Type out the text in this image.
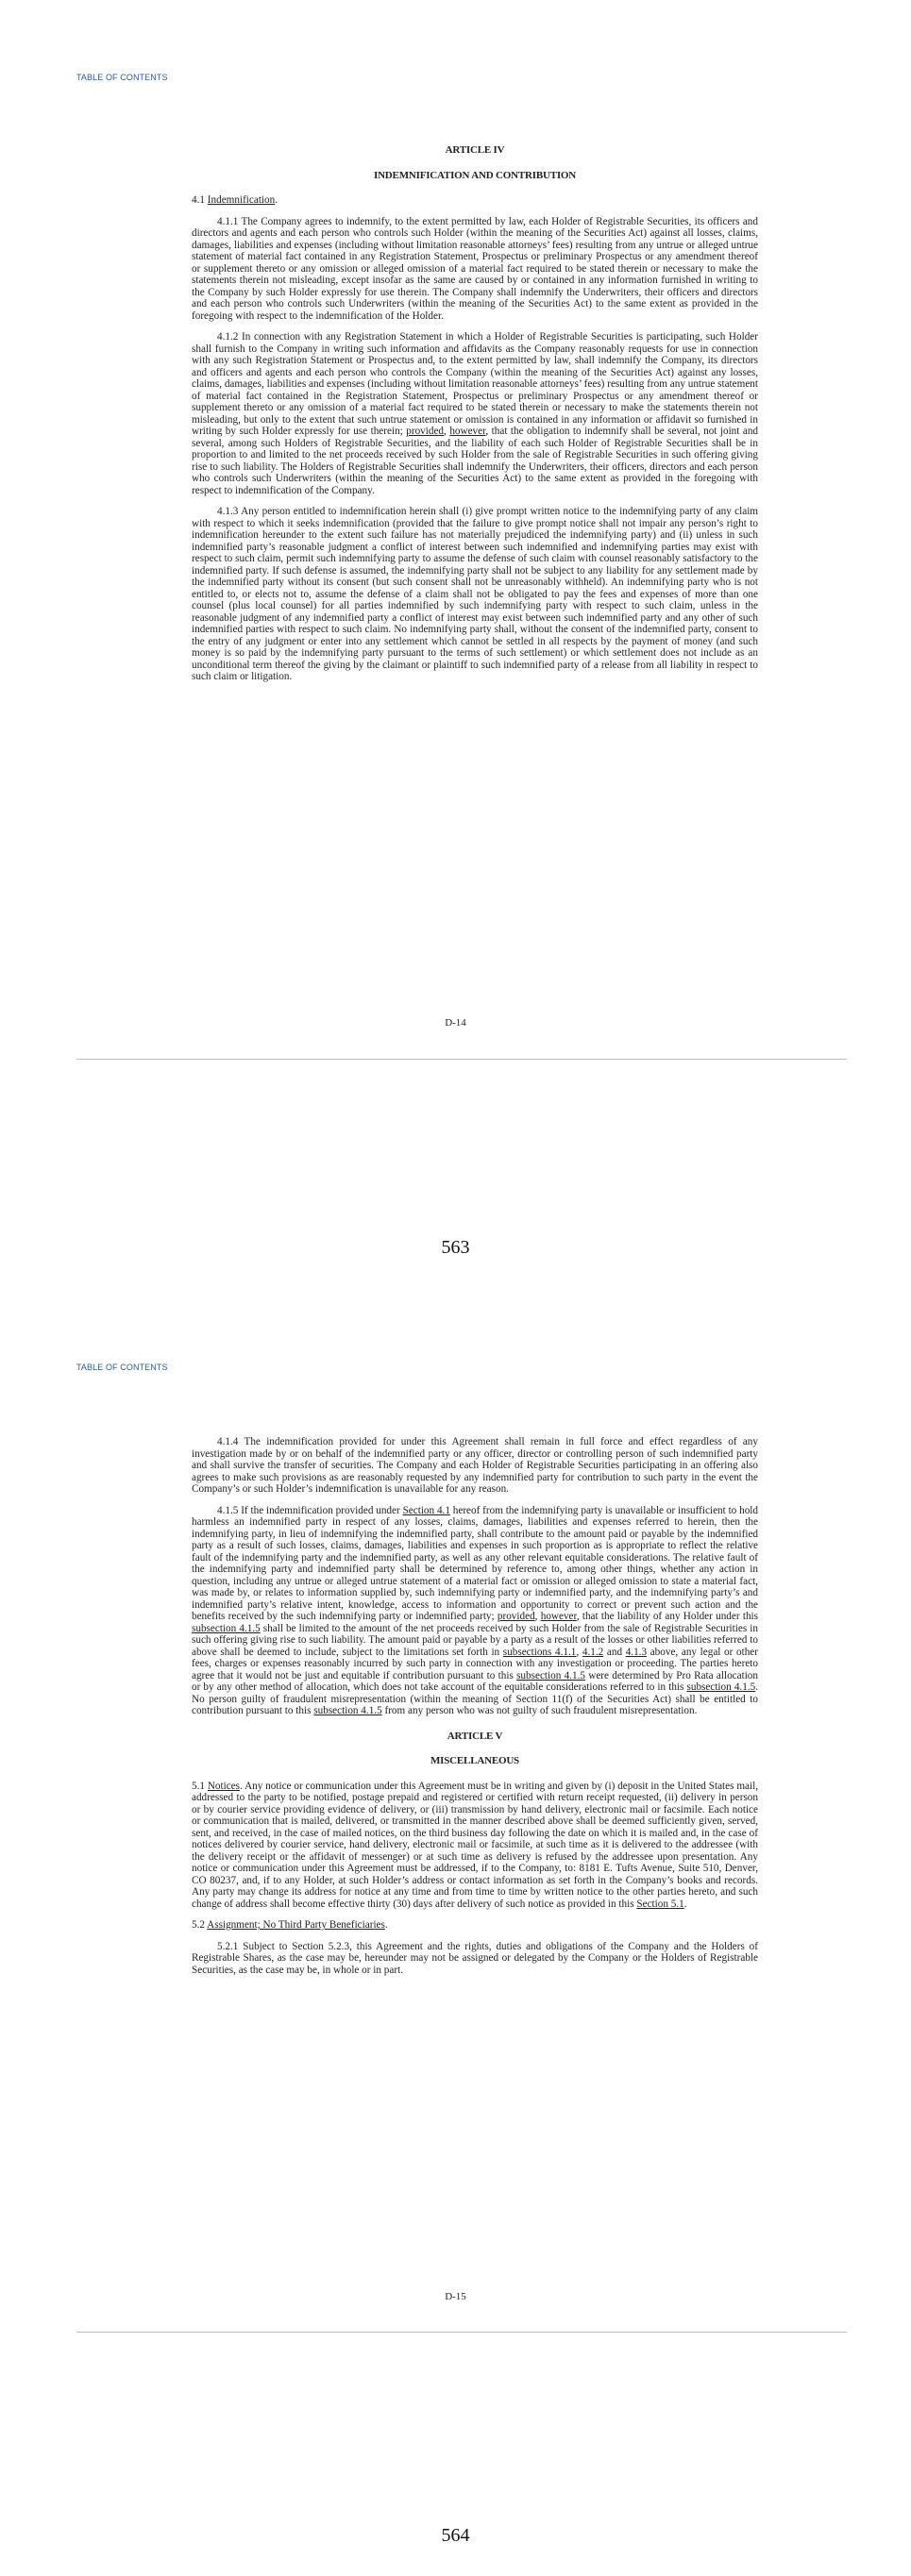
TABLE OF CONTENTS
ARTICLE IV
INDEMNIFICATION AND CONTRIBUTION

4.1 Indemnification.

4.1.1 The Company agrees to indemnify, to the extent permitted by law, each Holder of Registrable Securities, its officers and directors and agents and each person who controls such Holder (within the meaning of the Securities Act) against all losses, claims, damages, liabilities and expenses (including without limitation reasonable attorneys’ fees) resulting from any untrue or alleged untrue statement of material fact contained in any Registration Statement, Prospectus or preliminary Prospectus or any amendment thereof or supplement thereto or any omission or alleged omission of a material fact required to be stated therein or necessary to make the statements therein not misleading, except insofar as the same are caused by or contained in any information furnished in writing to the Company by such Holder expressly for use therein. The Company shall indemnify the Underwriters, their officers and directors and each person who controls such Underwriters (within the meaning of the Securities Act) to the same extent as provided in the foregoing with respect to the indemnification of the Holder.

4.1.2 In connection with any Registration Statement in which a Holder of Registrable Securities is participating, such Holder shall furnish to the Company in writing such information and affidavits as the Company reasonably requests for use in connection with any such Registration Statement or Prospectus and, to the extent permitted by law, shall indemnify the Company, its directors and officers and agents and each person who controls the Company (within the meaning of the Securities Act) against any losses, claims, damages, liabilities and expenses (including without limitation reasonable attorneys’ fees) resulting from any untrue statement of material fact contained in the Registration Statement, Prospectus or preliminary Prospectus or any amendment thereof or supplement thereto or any omission of a material fact required to be stated therein or necessary to make the statements therein not misleading, but only to the extent that such untrue statement or omission is contained in any information or affidavit so furnished in writing by such Holder expressly for use therein; provided, however, that the obligation to indemnify shall be several, not joint and several, among such Holders of Registrable Securities, and the liability of each such Holder of Registrable Securities shall be in proportion to and limited to the net proceeds received by such Holder from the sale of Registrable Securities in such offering giving rise to such liability. The Holders of Registrable Securities shall indemnify the Underwriters, their officers, directors and each person who controls such Underwriters (within the meaning of the Securities Act) to the same extent as provided in the foregoing with respect to indemnification of the Company.

4.1.3 Any person entitled to indemnification herein shall (i) give prompt written notice to the indemnifying party of any claim with respect to which it seeks indemnification (provided that the failure to give prompt notice shall not impair any person’s right to indemnification hereunder to the extent such failure has not materially prejudiced the indemnifying party) and (ii) unless in such indemnified party’s reasonable judgment a conflict of interest between such indemnified and indemnifying parties may exist with respect to such claim, permit such indemnifying party to assume the defense of such claim with counsel reasonably satisfactory to the indemnified party. If such defense is assumed, the indemnifying party shall not be subject to any liability for any settlement made by the indemnified party without its consent (but such consent shall not be unreasonably withheld). An indemnifying party who is not entitled to, or elects not to, assume the defense of a claim shall not be obligated to pay the fees and expenses of more than one counsel (plus local counsel) for all parties indemnified by such indemnifying party with respect to such claim, unless in the reasonable judgment of any indemnified party a conflict of interest may exist between such indemnified party and any other of such indemnified parties with respect to such claim. No indemnifying party shall, without the consent of the indemnified party, consent to the entry of any judgment or enter into any settlement which cannot be settled in all respects by the payment of money (and such money is so paid by the indemnifying party pursuant to the terms of such settlement) or which settlement does not include as an unconditional term thereof the giving by the claimant or plaintiff to such indemnified party of a release from all liability in respect to such claim or litigation.

D-14
563
TABLE OF CONTENTS

4.1.4 The indemnification provided for under this Agreement shall remain in full force and effect regardless of any investigation made by or on behalf of the indemnified party or any officer, director or controlling person of such indemnified party and shall survive the transfer of securities. The Company and each Holder of Registrable Securities participating in an offering also agrees to make such provisions as are reasonably requested by any indemnified party for contribution to such party in the event the Company’s or such Holder’s indemnification is unavailable for any reason.

4.1.5 If the indemnification provided under Section 4.1 hereof from the indemnifying party is unavailable or insufficient to hold harmless an indemnified party in respect of any losses, claims, damages, liabilities and expenses referred to herein, then the indemnifying party, in lieu of indemnifying the indemnified party, shall contribute to the amount paid or payable by the indemnified party as a result of such losses, claims, damages, liabilities and expenses in such proportion as is appropriate to reflect the relative fault of the indemnifying party and the indemnified party, as well as any other relevant equitable considerations. The relative fault of the indemnifying party and indemnified party shall be determined by reference to, among other things, whether any action in question, including any untrue or alleged untrue statement of a material fact or omission or alleged omission to state a material fact, was made by, or relates to information supplied by, such indemnifying party or indemnified party, and the indemnifying party’s and indemnified party’s relative intent, knowledge, access to information and opportunity to correct or prevent such action and the benefits received by the such indemnifying party or indemnified party; provided, however, that the liability of any Holder under this subsection 4.1.5 shall be limited to the amount of the net proceeds received by such Holder from the sale of Registrable Securities in such offering giving rise to such liability. The amount paid or payable by a party as a result of the losses or other liabilities referred to above shall be deemed to include, subject to the limitations set forth in subsections 4.1.1, 4.1.2 and 4.1.3 above, any legal or other fees, charges or expenses reasonably incurred by such party in connection with any investigation or proceeding. The parties hereto agree that it would not be just and equitable if contribution pursuant to this subsection 4.1.5 were determined by Pro Rata allocation or by any other method of allocation, which does not take account of the equitable considerations referred to in this subsection 4.1.5. No person guilty of fraudulent misrepresentation (within the meaning of Section 11(f) of the Securities Act) shall be entitled to contribution pursuant to this subsection 4.1.5 from any person who was not guilty of such fraudulent misrepresentation.

ARTICLE V
MISCELLANEOUS

5.1 Notices. Any notice or communication under this Agreement must be in writing and given by (i) deposit in the United States mail, addressed to the party to be notified, postage prepaid and registered or certified with return receipt requested, (ii) delivery in person or by courier service providing evidence of delivery, or (iii) transmission by hand delivery, electronic mail or facsimile. Each notice or communication that is mailed, delivered, or transmitted in the manner described above shall be deemed sufficiently given, served, sent, and received, in the case of mailed notices, on the third business day following the date on which it is mailed and, in the case of notices delivered by courier service, hand delivery, electronic mail or facsimile, at such time as it is delivered to the addressee (with the delivery receipt or the affidavit of messenger) or at such time as delivery is refused by the addressee upon presentation. Any notice or communication under this Agreement must be addressed, if to the Company, to: 8181 E. Tufts Avenue, Suite 510, Denver, CO 80237, and, if to any Holder, at such Holder’s address or contact information as set forth in the Company’s books and records. Any party may change its address for notice at any time and from time to time by written notice to the other parties hereto, and such change of address shall become effective thirty (30) days after delivery of such notice as provided in this Section 5.1.

5.2 Assignment; No Third Party Beneficiaries.

5.2.1 Subject to Section 5.2.3, this Agreement and the rights, duties and obligations of the Company and the Holders of Registrable Shares, as the case may be, hereunder may not be assigned or delegated by the Company or the Holders of Registrable Securities, as the case may be, in whole or in part.

D-15
564
